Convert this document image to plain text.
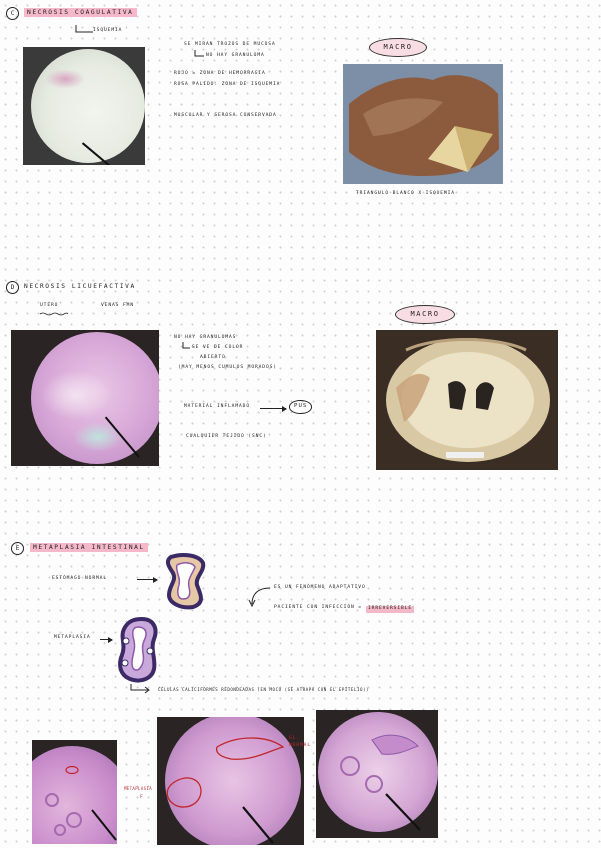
C	NECROSIS COAGULATIVA
ISQUEMIA
SE MIRAN TROZOS DE MUCOSA
NO HAY GRANULOMA
ROJO = ZONA DE HEMORRAGIA
ROSA PALIDO: ZONA DE ISQUEMIA
MUSCULAR Y SEROSA CONSERVADA
MACRO
TRIANGULO BLANCO X ISQUEMIA
D	NECROSIS LICUEFACTIVA
UTERO	VENAS FMN
NO HAY GRANULOMAS
SE VE DE COLOR
ABIERTO
(MAY MENOS CUMULOS MORADOS)
MATERIAL INFLAMADO	PUS
CUALQUIER TEJIDO (SNC)
MACRO
E	METAPLASIA INTESTINAL
ESTÓMAGO NORMAL
METAPLASIA
ES UN FENÓMENO ADAPTATIVO
PACIENTE CON INFECCIÓN =	IRREVERSIBLE
CÉLULAS CALICIFORMES REDONDEADAS (EN MOCO (SE ATRAPA CON EL EPITELIO))
GL. NORMAL
METAPLASIA
F
